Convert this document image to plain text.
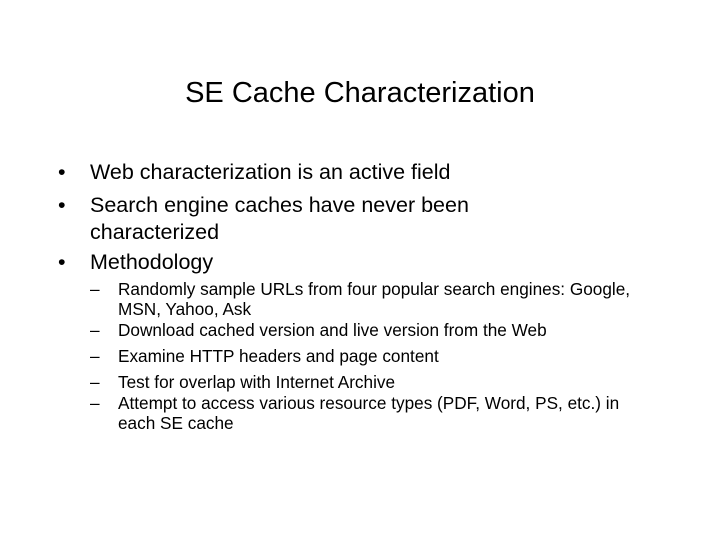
SE Cache Characterization
•	Web characterization is an active field
•	Search engine caches have never been characterized
•	Methodology
–	Randomly sample URLs from four popular search engines: Google, MSN, Yahoo, Ask
–	Download cached version and live version from the Web
–	Examine HTTP headers and page content
–	Test for overlap with Internet Archive
–	Attempt to access various resource types (PDF, Word, PS, etc.) in each SE cache
